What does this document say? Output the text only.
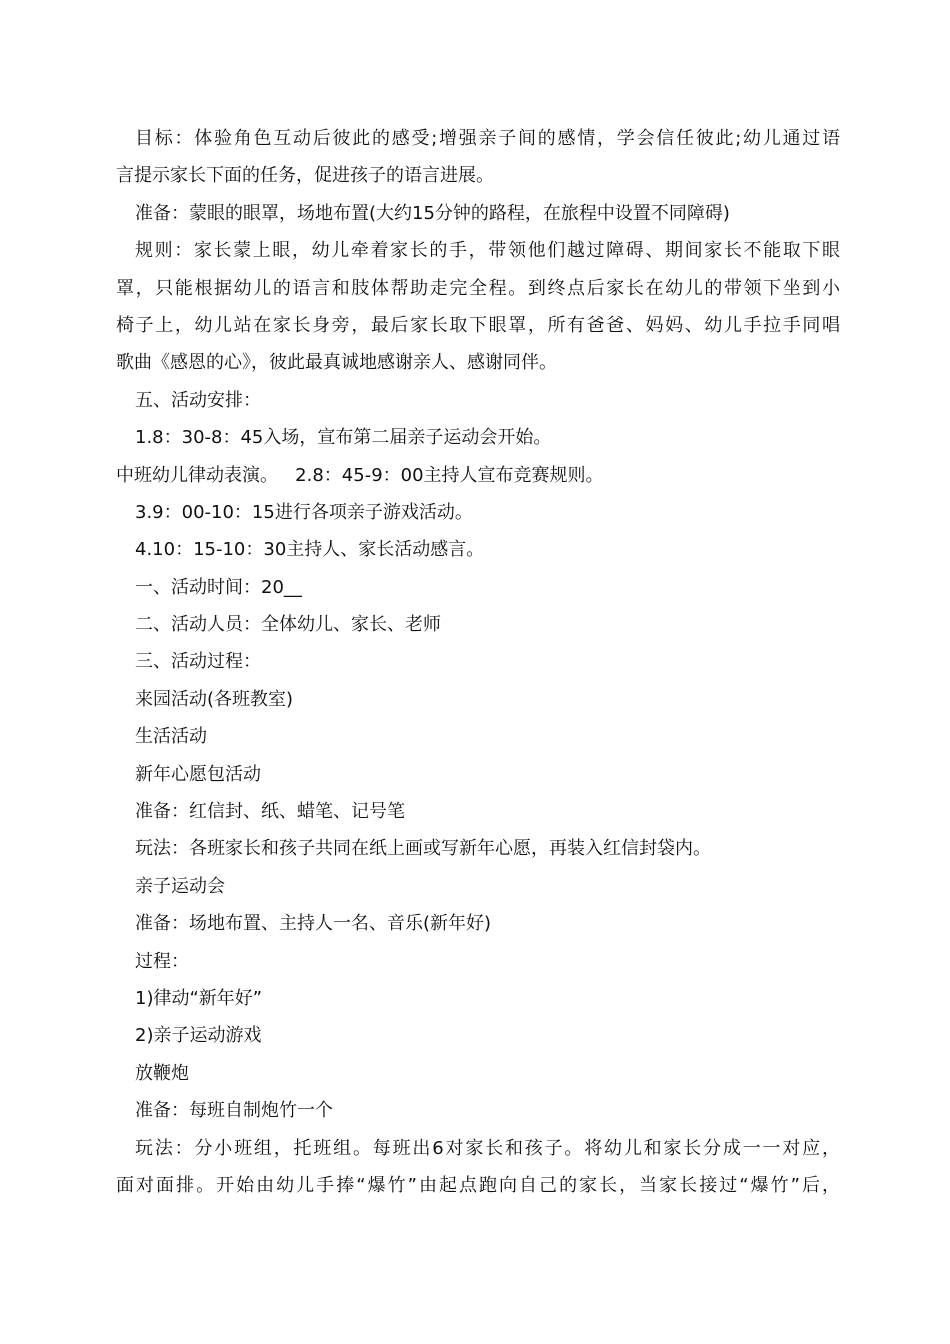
目标：体验角色互动后彼此的感受;增强亲子间的感情，学会信任彼此;幼儿通过语
言提示家长下面的任务，促进孩子的语言进展。
准备：蒙眼的眼罩，场地布置(大约15分钟的路程，在旅程中设置不同障碍)
规则：家长蒙上眼，幼儿牵着家长的手，带领他们越过障碍、期间家长不能取下眼
罩，只能根据幼儿的语言和肢体帮助走完全程。到终点后家长在幼儿的带领下坐到小
椅子上，幼儿站在家长身旁，最后家长取下眼罩，所有爸爸、妈妈、幼儿手拉手同唱
歌曲《感恩的心》，彼此最真诚地感谢亲人、感谢同伴。
五、活动安排：
1.8：30-8：45入场，宣布第二届亲子运动会开始。
中班幼儿律动表演。   2.8：45-9：00主持人宣布竞赛规则。
3.9：00-10：15进行各项亲子游戏活动。
4.10：15-10：30主持人、家长活动感言。
一、活动时间：20__
二、活动人员：全体幼儿、家长、老师
三、活动过程：
来园活动(各班教室)
生活活动
新年心愿包活动
准备：红信封、纸、蜡笔、记号笔
玩法：各班家长和孩子共同在纸上画或写新年心愿，再装入红信封袋内。
亲子运动会
准备：场地布置、主持人一名、音乐(新年好)
过程：
1)律动“新年好”
2)亲子运动游戏
放鞭炮
准备：每班自制炮竹一个
玩法：分小班组，托班组。每班出6对家长和孩子。将幼儿和家长分成一一对应，
面对面排。开始由幼儿手捧“爆竹”由起点跑向自己的家长，当家长接过“爆竹”后，
